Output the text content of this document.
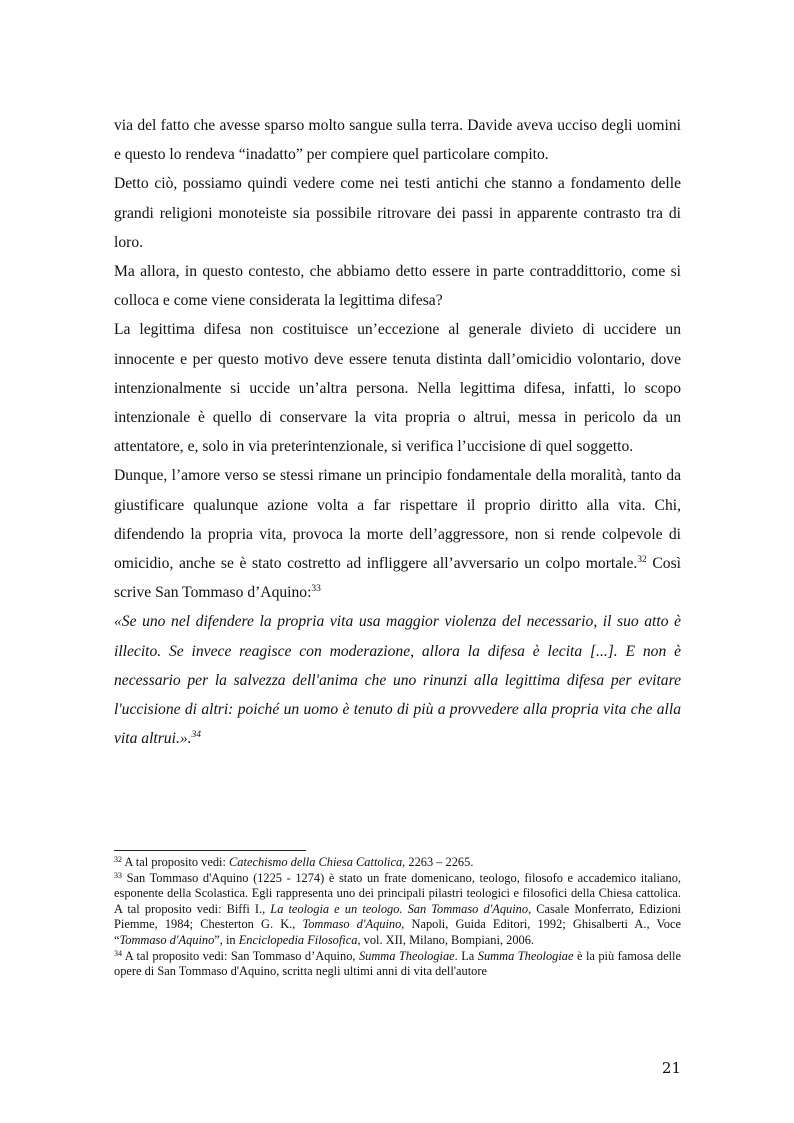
via del fatto che avesse sparso molto sangue sulla terra. Davide aveva ucciso degli uomini e questo lo rendeva “inadatto” per compiere quel particolare compito.

Detto ciò, possiamo quindi vedere come nei testi antichi che stanno a fondamento delle grandi religioni monoteiste sia possibile ritrovare dei passi in apparente contrasto tra di loro.

Ma allora, in questo contesto, che abbiamo detto essere in parte contraddittorio, come si colloca e come viene considerata la legittima difesa?

La legittima difesa non costituisce un’eccezione al generale divieto di uccidere un innocente e per questo motivo deve essere tenuta distinta dall’omicidio volontario, dove intenzionalmente si uccide un’altra persona. Nella legittima difesa, infatti, lo scopo intenzionale è quello di conservare la vita propria o altrui, messa in pericolo da un attentatore, e, solo in via preterintenzionale, si verifica l’uccisione di quel soggetto.

Dunque, l’amore verso se stessi rimane un principio fondamentale della moralità, tanto da giustificare qualunque azione volta a far rispettare il proprio diritto alla vita. Chi, difendendo la propria vita, provoca la morte dell’aggressore, non si rende colpevole di omicidio, anche se è stato costretto ad infliggere all’avversario un colpo mortale.$^{32}$ Così scrive San Tommaso d’Aquino:$^{33}$

«Se uno nel difendere la propria vita usa maggior violenza del necessario, il suo atto è illecito. Se invece reagisce con moderazione, allora la difesa è lecita [...]. E non è necessario per la salvezza dell'anima che uno rinunzi alla legittima difesa per evitare l'uccisione di altri: poiché un uomo è tenuto di più a provvedere alla propria vita che alla vita altrui.».$^{34}$

$^{32}$ A tal proposito vedi: Catechismo della Chiesa Cattolica, 2263 – 2265.

$^{33}$ San Tommaso d'Aquino (1225 - 1274) è stato un frate domenicano, teologo, filosofo e accademico italiano, esponente della Scolastica. Egli rappresenta uno dei principali pilastri teologici e filosofici della Chiesa cattolica. A tal proposito vedi: Biffi I., La teologia e un teologo. San Tommaso d'Aquino, Casale Monferrato, Edizioni Piemme, 1984; Chesterton G. K., Tommaso d'Aquino, Napoli, Guida Editori, 1992; Ghisalberti A., Voce “Tommaso d'Aquino”, in Enciclopedia Filosofica, vol. XII, Milano, Bompiani, 2006.

$^{34}$ A tal proposito vedi: San Tommaso d’Aquino, Summa Theologiae. La Summa Theologiae è la più famosa delle opere di San Tommaso d'Aquino, scritta negli ultimi anni di vita dell'autore

21
